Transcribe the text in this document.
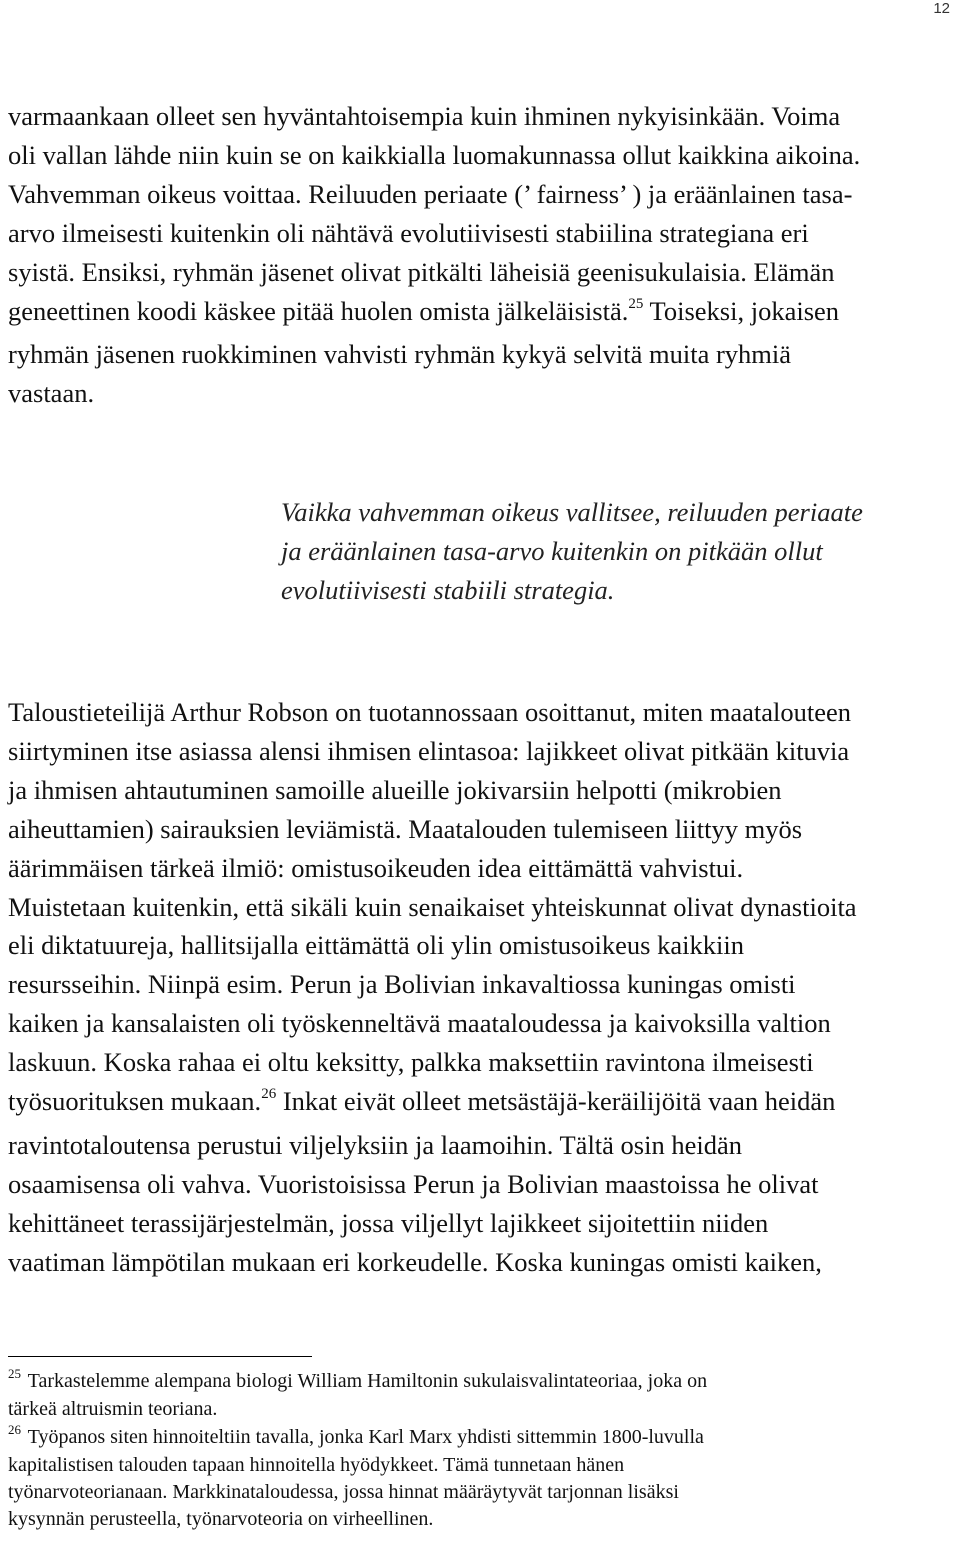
12
varmaankaan olleet sen hyväntahtoisempia kuin ihminen nykyisinkään. Voima
oli vallan lähde niin kuin se on kaikkialla luomakunnassa ollut kaikkina aikoina.
Vahvemman oikeus voittaa. Reiluuden periaate (’ fairness’ ) ja eräänlainen tasa-
arvo ilmeisesti kuitenkin oli nähtävä evolutiivisesti stabiilina strategiana eri
syistä. Ensiksi, ryhmän jäsenet olivat pitkälti läheisiä geenisukulaisia. Elämän
geneettinen koodi käskee pitää huolen omista jälkeläisistä.$^{25}$ Toiseksi, jokaisen
ryhmän jäsenen ruokkiminen vahvisti ryhmän kykyä selvitä muita ryhmiä
vastaan.
Vaikka vahvemman oikeus vallitsee, reiluuden periaate
ja eräänlainen tasa-arvo kuitenkin on pitkään ollut
evolutiivisesti stabiili strategia.
Taloustieteilijä Arthur Robson on tuotannossaan osoittanut, miten maatalouteen
siirtyminen itse asiassa alensi ihmisen elintasoa: lajikkeet olivat pitkään kituvia
ja ihmisen ahtautuminen samoille alueille jokivarsiin helpotti (mikrobien
aiheuttamien) sairauksien leviämistä. Maatalouden tulemiseen liittyy myös
äärimmäisen tärkeä ilmiö: omistusoikeuden idea eittämättä vahvistui.
Muistetaan kuitenkin, että sikäli kuin senaikaiset yhteiskunnat olivat dynastioita
eli diktatuureja, hallitsijalla eittämättä oli ylin omistusoikeus kaikkiin
resursseihin. Niinpä esim. Perun ja Bolivian inkavaltiossa kuningas omisti
kaiken ja kansalaisten oli työskenneltävä maataloudessa ja kaivoksilla valtion
laskuun. Koska rahaa ei oltu keksitty, palkka maksettiin ravintona ilmeisesti
työsuorituksen mukaan.$^{26}$ Inkat eivät olleet metsästäjä-keräilijöitä vaan heidän
ravintotaloutensa perustui viljelyksiin ja laamoihin. Tältä osin heidän
osaamisensa oli vahva. Vuoristoisissa Perun ja Bolivian maastoissa he olivat
kehittäneet terassijärjestelmän, jossa viljellyt lajikkeet sijoitettiin niiden
vaatiman lämpötilan mukaan eri korkeudelle. Koska kuningas omisti kaiken,
$^{25}$ Tarkastelemme alempana biologi William Hamiltonin sukulaisvalintateoriaa, joka on
tärkeä altruismin teoriana.
$^{26}$ Työpanos siten hinnoiteltiin tavalla, jonka Karl Marx yhdisti sittemmin 1800-luvulla
kapitalistisen talouden tapaan hinnoitella hyödykkeet. Tämä tunnetaan hänen
työnarvoteorianaan. Markkinataloudessa, jossa hinnat määräytyvät tarjonnan lisäksi
kysynnän perusteella, työnarvoteoria on virheellinen.
